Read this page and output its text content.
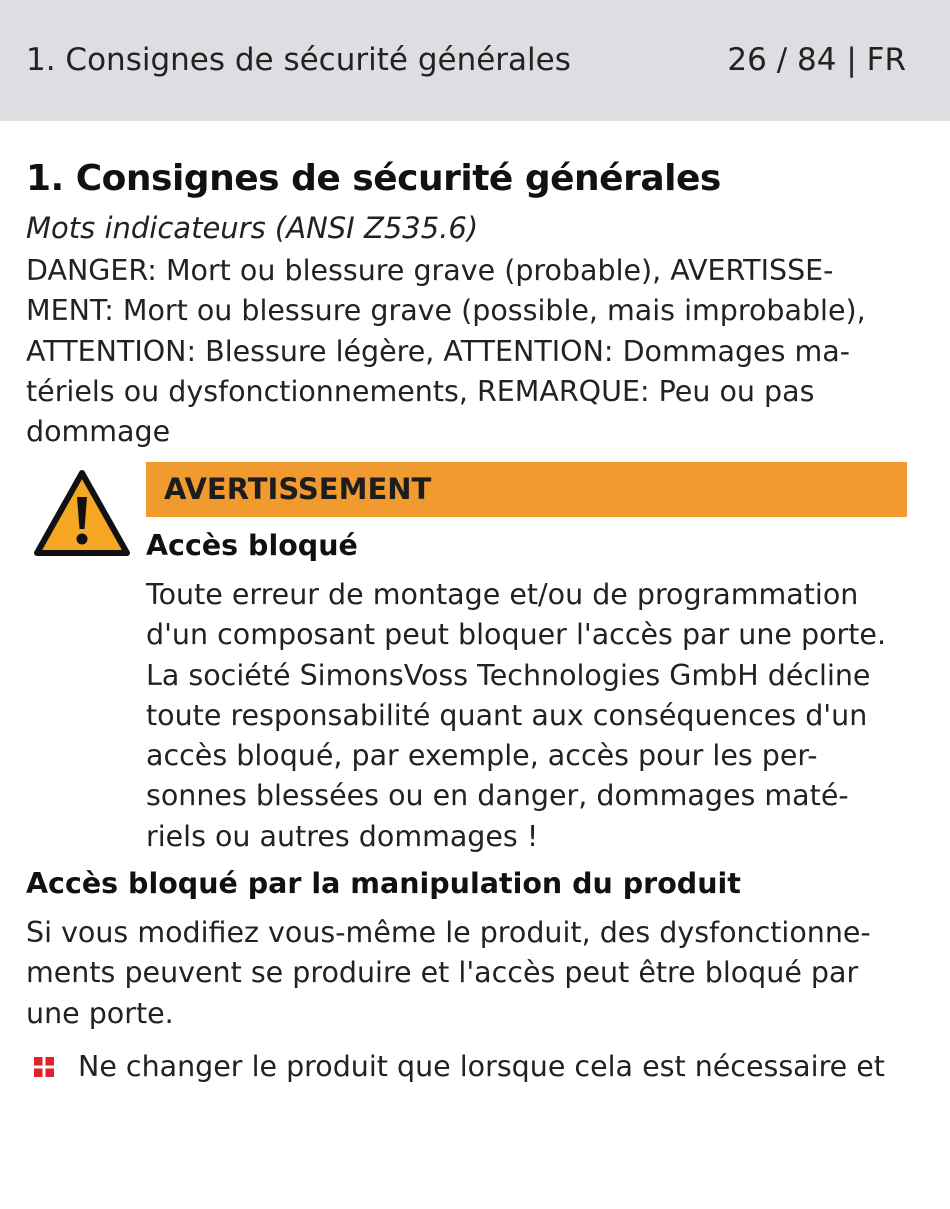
1. Consignes de sécurité générales	26 / 84 | FR
1. Consignes de sécurité générales
Mots indicateurs (ANSI Z535.6)
DANGER: Mort ou blessure grave (probable), AVERTISSE-
MENT: Mort ou blessure grave (possible, mais improbable),
ATTENTION: Blessure légère, ATTENTION: Dommages ma-
tériels ou dysfonctionnements, REMARQUE: Peu ou pas
dommage
AVERTISSEMENT
Accès bloqué
Toute erreur de montage et/ou de programmation
d'un composant peut bloquer l'accès par une porte.
La société SimonsVoss Technologies GmbH décline
toute responsabilité quant aux conséquences d'un
accès bloqué, par exemple, accès pour les per-
sonnes blessées ou en danger, dommages maté-
riels ou autres dommages !
Accès bloqué par la manipulation du produit
Si vous modifiez vous-même le produit, des dysfonctionne-
ments peuvent se produire et l'accès peut être bloqué par
une porte.
Ne changer le produit que lorsque cela est nécessaire et
